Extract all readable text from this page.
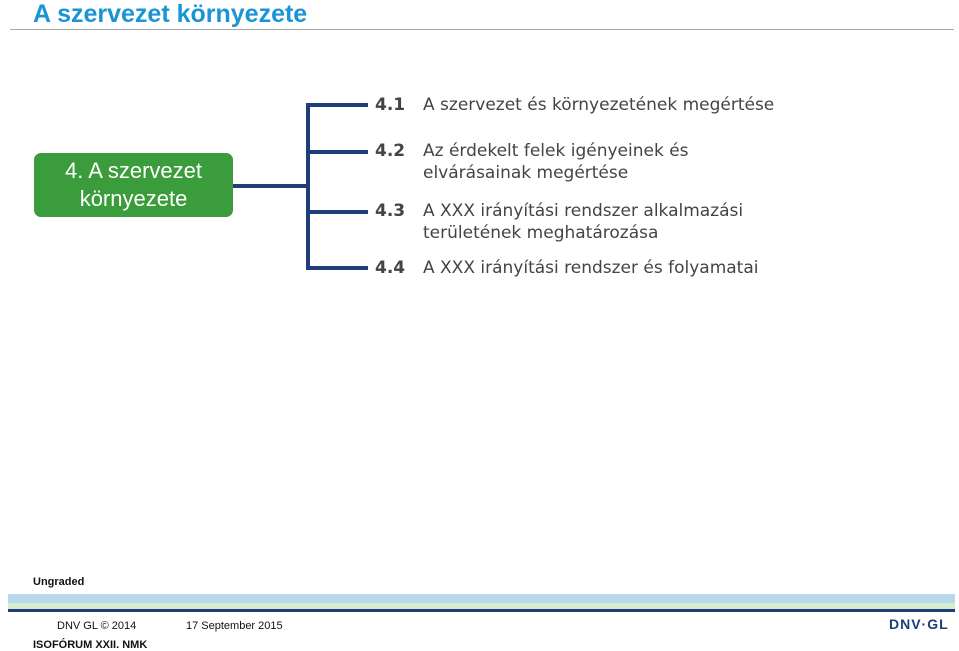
A szervezet környezete
4. A szervezet
környezete
4.1 A szervezet és környezetének megértése
4.2 Az érdekelt felek igényeinek és
elvárásainak megértése
4.3 A XXX irányítási rendszer alkalmazási
területének meghatározása
4.4 A XXX irányítási rendszer és folyamatai
Ungraded
DNV GL © 2014	17 September 2015
ISOFÓRUM XXII. NMK
DNV·GL
